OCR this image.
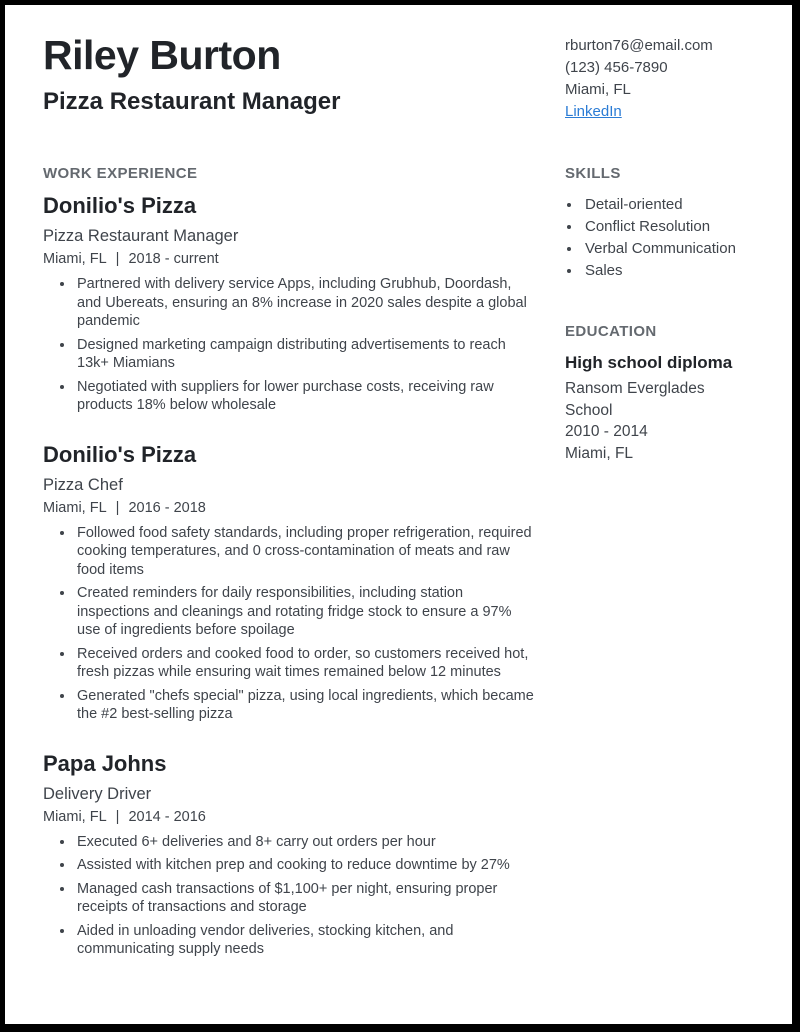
Riley Burton
Pizza Restaurant Manager
rburton76@email.com
(123) 456-7890
Miami, FL
LinkedIn
WORK EXPERIENCE
Donilio's Pizza
Pizza Restaurant Manager
Miami, FL | 2018 - current
• Partnered with delivery service Apps, including Grubhub, Doordash, and Ubereats, ensuring an 8% increase in 2020 sales despite a global pandemic
• Designed marketing campaign distributing advertisements to reach 13k+ Miamians
• Negotiated with suppliers for lower purchase costs, receiving raw products 18% below wholesale
Donilio's Pizza
Pizza Chef
Miami, FL | 2016 - 2018
• Followed food safety standards, including proper refrigeration, required cooking temperatures, and 0 cross-contamination of meats and raw food items
• Created reminders for daily responsibilities, including station inspections and cleanings and rotating fridge stock to ensure a 97% use of ingredients before spoilage
• Received orders and cooked food to order, so customers received hot, fresh pizzas while ensuring wait times remained below 12 minutes
• Generated "chefs special" pizza, using local ingredients, which became the #2 best-selling pizza
Papa Johns
Delivery Driver
Miami, FL | 2014 - 2016
• Executed 6+ deliveries and 8+ carry out orders per hour
• Assisted with kitchen prep and cooking to reduce downtime by 27%
• Managed cash transactions of $1,100+ per night, ensuring proper receipts of transactions and storage
• Aided in unloading vendor deliveries, stocking kitchen, and communicating supply needs
SKILLS
• Detail-oriented
• Conflict Resolution
• Verbal Communication
• Sales
EDUCATION
High school diploma
Ransom Everglades School
2010 - 2014
Miami, FL
